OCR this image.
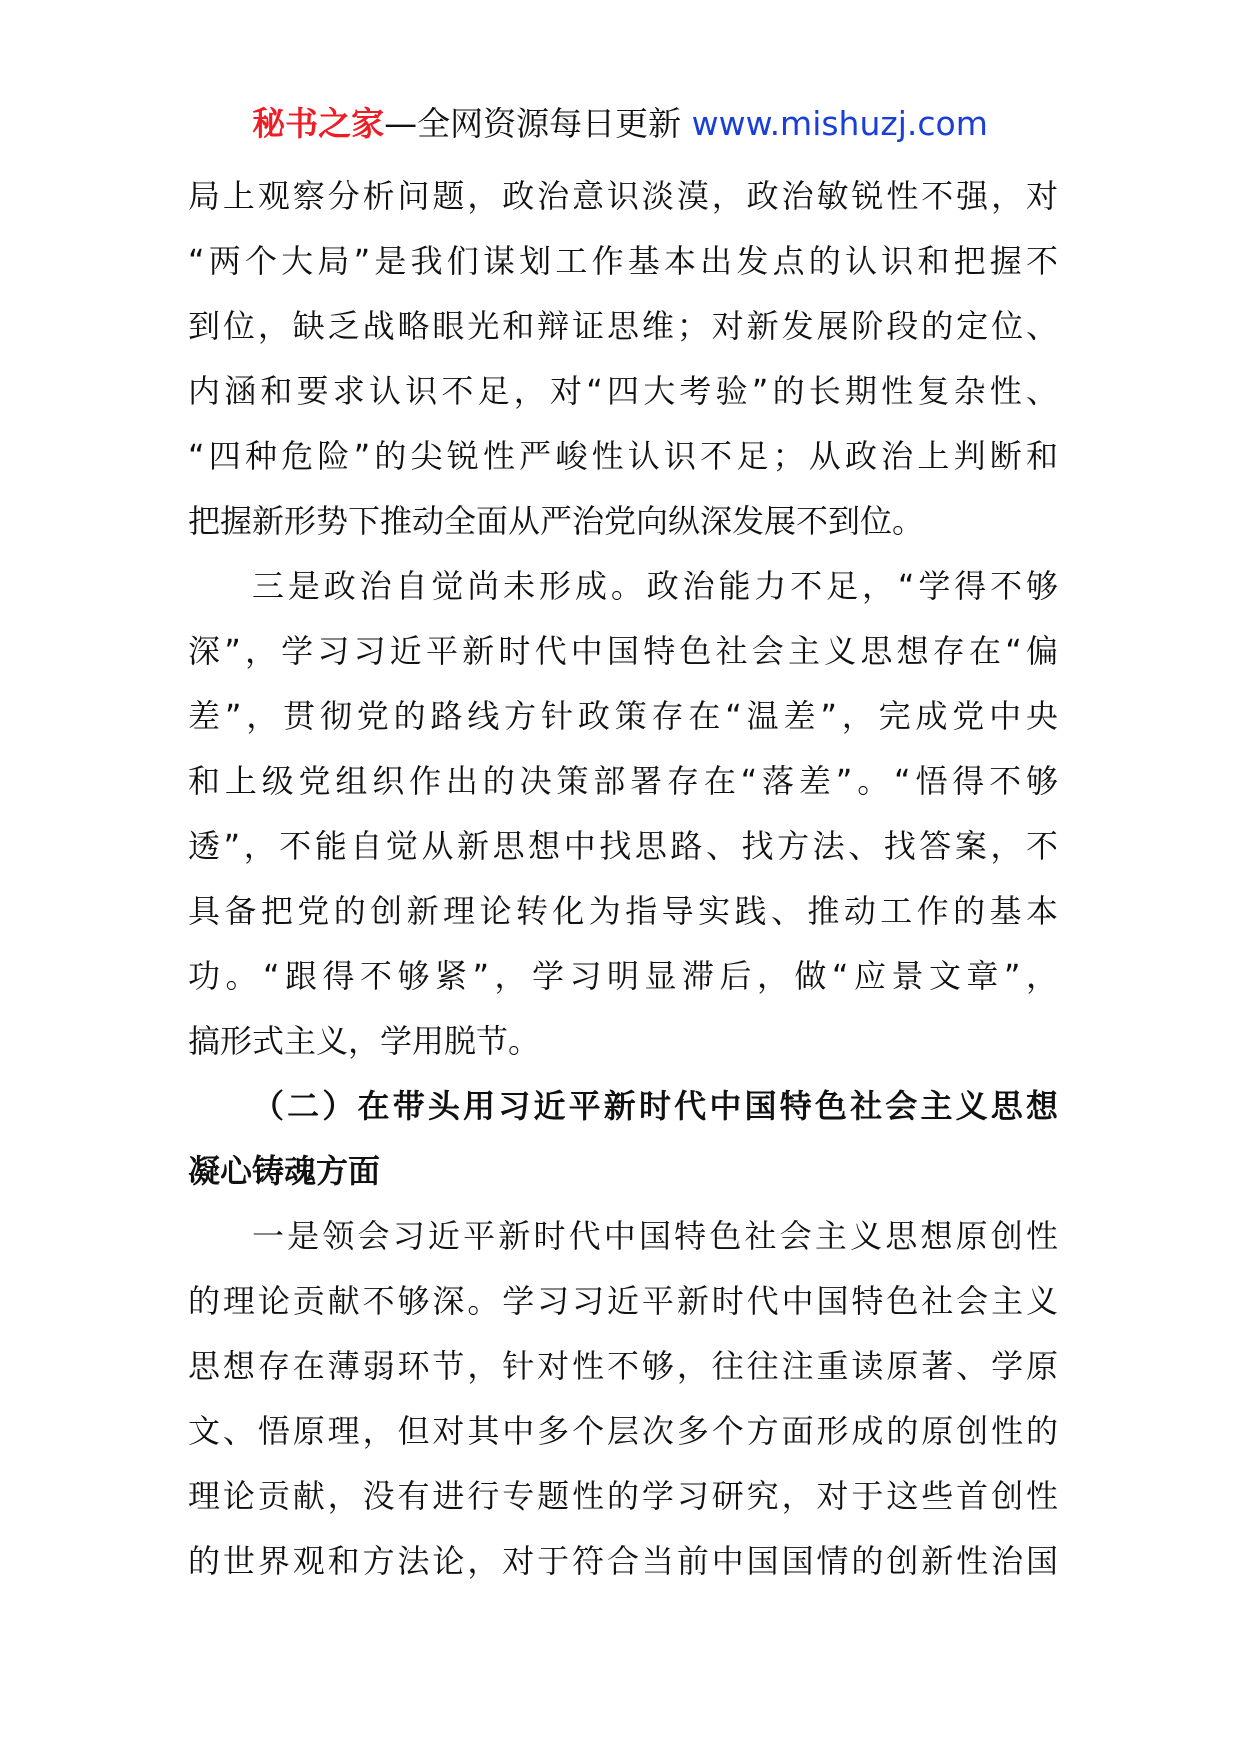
秘书之家—全网资源每日更新 www.mishuzj.com
局上观察分析问题，政治意识淡漠，政治敏锐性不强，对
“两个大局”是我们谋划工作基本出发点的认识和把握不
到位，缺乏战略眼光和辩证思维；对新发展阶段的定位、
内涵和要求认识不足，对“四大考验”的长期性复杂性、
“四种危险”的尖锐性严峻性认识不足；从政治上判断和
把握新形势下推动全面从严治党向纵深发展不到位。
三是政治自觉尚未形成。政治能力不足，“学得不够
深”，学习习近平新时代中国特色社会主义思想存在“偏
差”，贯彻党的路线方针政策存在“温差”，完成党中央
和上级党组织作出的决策部署存在“落差”。“悟得不够
透”，不能自觉从新思想中找思路、找方法、找答案，不
具备把党的创新理论转化为指导实践、推动工作的基本
功。“跟得不够紧”，学习明显滞后，做“应景文章”，
搞形式主义，学用脱节。
（二）在带头用习近平新时代中国特色社会主义思想
凝心铸魂方面
一是领会习近平新时代中国特色社会主义思想原创性
的理论贡献不够深。学习习近平新时代中国特色社会主义
思想存在薄弱环节，针对性不够，往往注重读原著、学原
文、悟原理，但对其中多个层次多个方面形成的原创性的
理论贡献，没有进行专题性的学习研究，对于这些首创性
的世界观和方法论，对于符合当前中国国情的创新性治国
